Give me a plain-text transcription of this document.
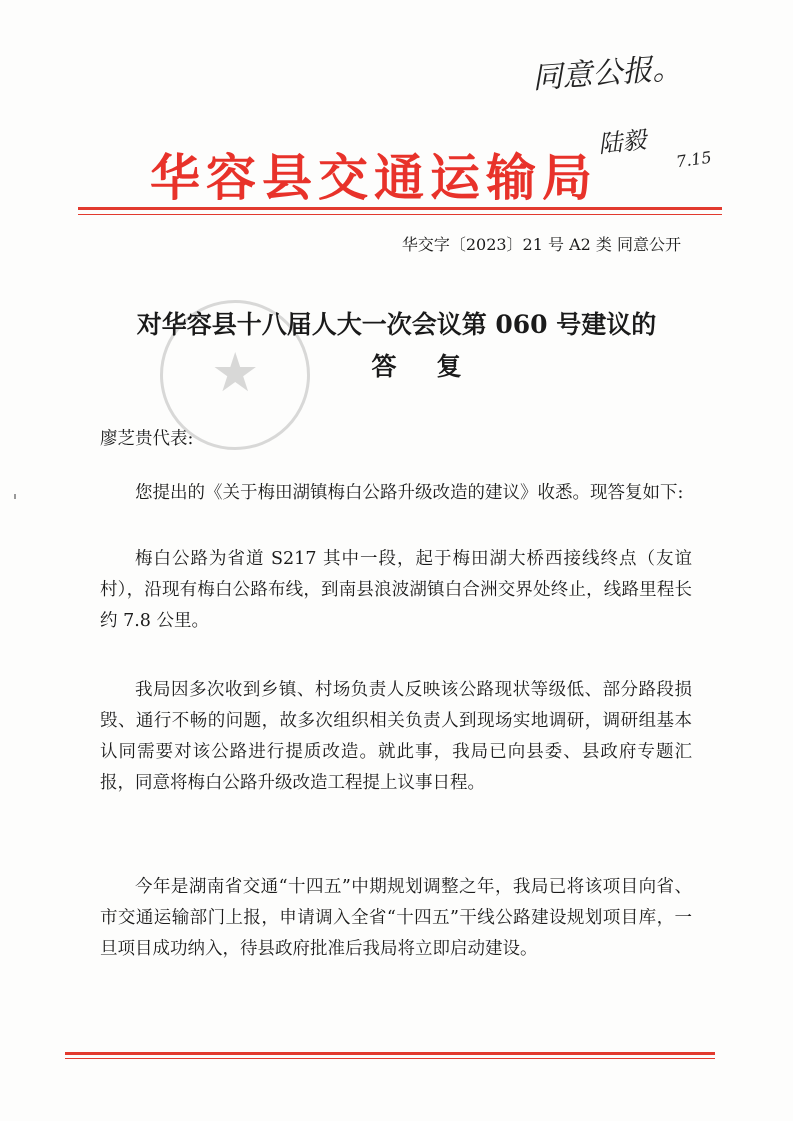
同意公报。
陆毅
7.15
华容县交通运输局
华交字〔2023〕21 号 A2 类 同意公开
★
对华容县十八届人大一次会议第 060 号建议的
答复

廖芝贵代表:

您提出的《关于梅田湖镇梅白公路升级改造的建议》收悉。现答复如下:

梅白公路为省道 S217 其中一段，起于梅田湖大桥西接线终点（友谊村），沿现有梅白公路布线，到南县浪波湖镇白合洲交界处终止，线路里程长约 7.8 公里。

我局因多次收到乡镇、村场负责人反映该公路现状等级低、部分路段损毁、通行不畅的问题，故多次组织相关负责人到现场实地调研，调研组基本认同需要对该公路进行提质改造。就此事，我局已向县委、县政府专题汇报，同意将梅白公路升级改造工程提上议事日程。

今年是湖南省交通“十四五”中期规划调整之年，我局已将该项目向省、市交通运输部门上报，申请调入全省“十四五”干线公路建设规划项目库，一旦项目成功纳入，待县政府批准后我局将立即启动建设。
